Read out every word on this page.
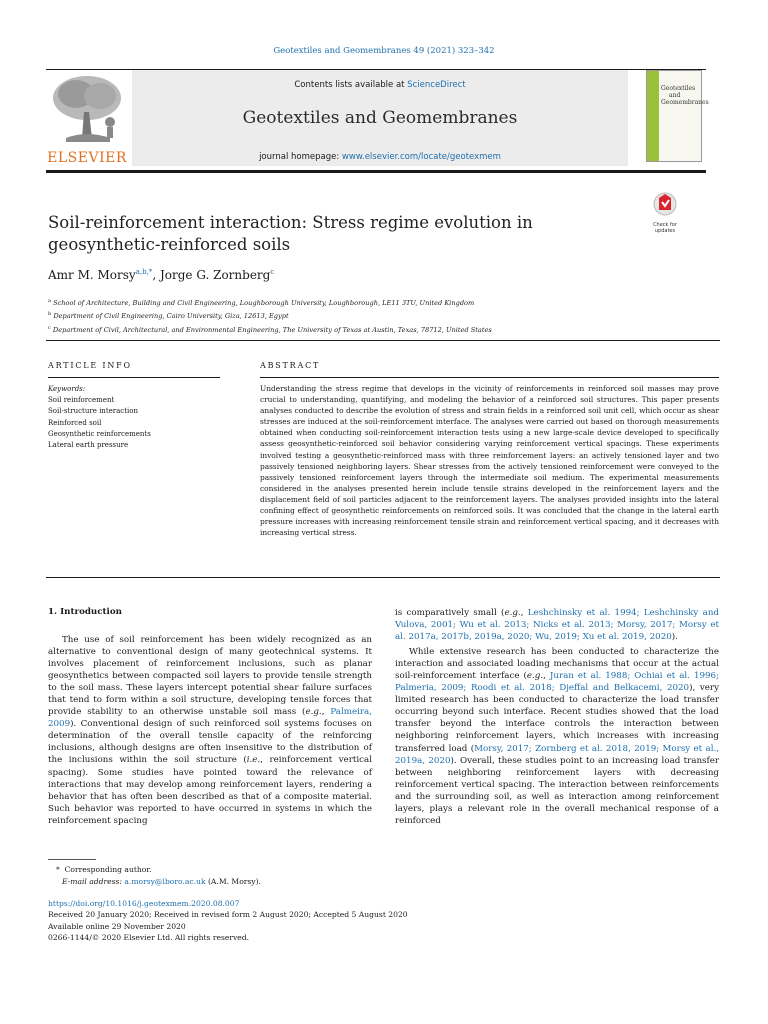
Geotextiles and Geomembranes 49 (2021) 323–342
ELSEVIER
Contents lists available at ScienceDirect
Geotextiles and Geomembranes
journal homepage: www.elsevier.com/locate/geotexmem
Geotextiles
and
Geomembranes
Check for updates
Soil-reinforcement interaction: Stress regime evolution in
geosynthetic-reinforced soils
Amr M. Morsy$^{a,b,*}$, Jorge G. Zornberg$^c$
$^a$ School of Architecture, Building and Civil Engineering, Loughborough University, Loughborough, LE11 3TU, United Kingdom
$^b$ Department of Civil Engineering, Cairo University, Giza, 12613, Egypt
$^c$ Department of Civil, Architectural, and Environmental Engineering, The University of Texas at Austin, Texas, 78712, United States
ARTICLE INFO	ABSTRACT
Keywords:
Soil reinforcement
Soil-structure interaction
Reinforced soil
Geosynthetic reinforcements
Lateral earth pressure
Understanding the stress regime that develops in the vicinity of reinforcements in reinforced soil masses may prove crucial to understanding, quantifying, and modeling the behavior of a reinforced soil structures. This paper presents analyses conducted to describe the evolution of stress and strain fields in a reinforced soil unit cell, which occur as shear stresses are induced at the soil-reinforcement interface. The analyses were carried out based on thorough measurements obtained when conducting soil-reinforcement interaction tests using a new large-scale device developed to specifically assess geosynthetic-reinforced soil behavior considering varying reinforcement vertical spacings. These experiments involved testing a geosynthetic-reinforced mass with three reinforcement layers: an actively tensioned layer and two passively tensioned neighboring layers. Shear stresses from the actively tensioned reinforcement were conveyed to the passively tensioned reinforcement layers through the intermediate soil medium. The experimental measurements considered in the analyses presented herein include tensile strains developed in the reinforcement layers and the displacement field of soil particles adjacent to the reinforcement layers. The analyses provided insights into the lateral confining effect of geosynthetic reinforcements on reinforced soils. It was concluded that the change in the lateral earth pressure increases with increasing reinforcement tensile strain and reinforcement vertical spacing, and it decreases with increasing vertical stress.
1. Introduction

The use of soil reinforcement has been widely recognized as an alternative to conventional design of many geotechnical systems. It involves placement of reinforcement inclusions, such as planar geosynthetics between compacted soil layers to provide tensile strength to the soil mass. These layers intercept potential shear failure surfaces that tend to form within a soil structure, developing tensile forces that provide stability to an otherwise unstable soil mass (e.g., Palmeira, 2009). Conventional design of such reinforced soil systems focuses on determination of the overall tensile capacity of the reinforcing inclusions, although designs are often insensitive to the distribution of the inclusions within the soil structure (i.e., reinforcement vertical spacing). Some studies have pointed toward the relevance of interactions that may develop among reinforcement layers, rendering a behavior that has often been described as that of a composite material. Such behavior was reported to have occurred in systems in which the reinforcement spacing

is comparatively small (e.g., Leshchinsky et al. 1994; Leshchinsky and Vulova, 2001; Wu et al. 2013; Nicks et al. 2013; Morsy, 2017; Morsy et al. 2017a, 2017b, 2019a, 2020; Wu, 2019; Xu et al. 2019, 2020).

While extensive research has been conducted to characterize the interaction and associated loading mechanisms that occur at the actual soil-reinforcement interface (e.g., Juran et al. 1988; Ochiai et al. 1996; Palmeria, 2009; Roodi et al. 2018; Djeffal and Belkacemi, 2020), very limited research has been conducted to characterize the load transfer occurring beyond such interface. Recent studies showed that the load transfer beyond the interface controls the interaction between neighboring reinforcement layers, which increases with increasing transferred load (Morsy, 2017; Zornberg et al. 2018, 2019; Morsy et al., 2019a, 2020). Overall, these studies point to an increasing load transfer between neighboring reinforcement layers with decreasing reinforcement vertical spacing. The interaction between reinforcements and the surrounding soil, as well as interaction among reinforcement layers, plays a relevant role in the overall mechanical response of a reinforced

*  Corresponding author.
E-mail address: a.morsy@lboro.ac.uk (A.M. Morsy).
https://doi.org/10.1016/j.geotexmem.2020.08.007
Received 20 January 2020; Received in revised form 2 August 2020; Accepted 5 August 2020
Available online 29 November 2020
0266-1144/© 2020 Elsevier Ltd. All rights reserved.
